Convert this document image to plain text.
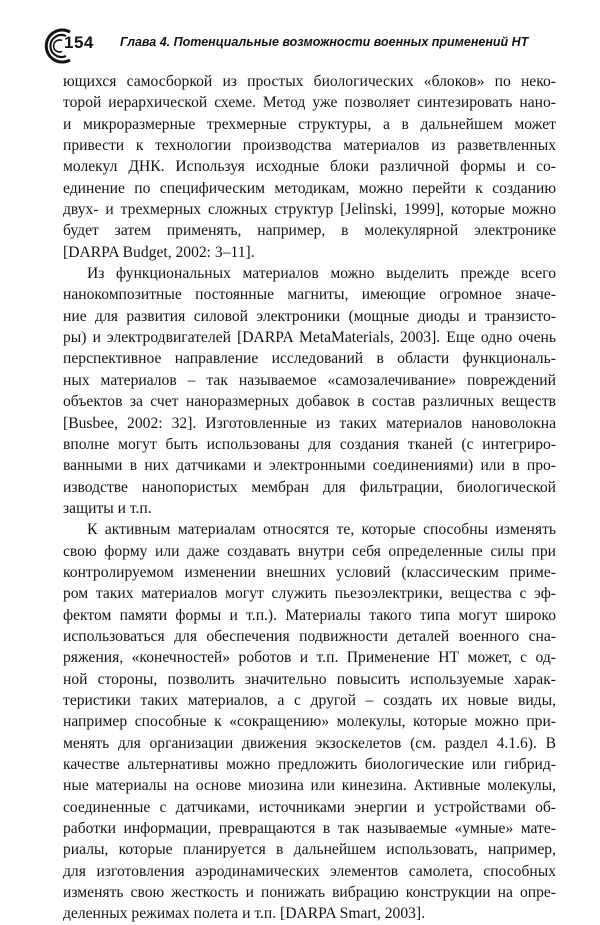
154 Глава 4. Потенциальные возможности военных применений НТ
ющихся самосборкой из простых биологических «блоков» по неко-
торой иерархической схеме. Метод уже позволяет синтезировать нано-
и микроразмерные трехмерные структуры, а в дальнейшем может
привести к технологии производства материалов из разветвленных
молекул ДНК. Используя исходные блоки различной формы и со-
единение по специфическим методикам, можно перейти к созданию
двух- и трехмерных сложных структур [Jelinski, 1999], которые можно
будет затем применять, например, в молекулярной электронике
[DARPA Budget, 2002: 3–11].
Из функциональных материалов можно выделить прежде всего
нанокомпозитные постоянные магниты, имеющие огромное значе-
ние для развития силовой электроники (мощные диоды и транзисто-
ры) и электродвигателей [DARPA MetaMaterials, 2003]. Еще одно очень
перспективное направление исследований в области функциональ-
ных материалов – так называемое «самозалечивание» повреждений
объектов за счет наноразмерных добавок в состав различных веществ
[Busbee, 2002: 32]. Изготовленные из таких материалов нановолокна
вполне могут быть использованы для создания тканей (с интегриро-
ванными в них датчиками и электронными соединениями) или в про-
изводстве нанопористых мембран для фильтрации, биологической
защиты и т.п.
К активным материалам относятся те, которые способны изменять
свою форму или даже создавать внутри себя определенные силы при
контролируемом изменении внешних условий (классическим приме-
ром таких материалов могут служить пьезоэлектрики, вещества с эф-
фектом памяти формы и т.п.). Материалы такого типа могут широко
использоваться для обеспечения подвижности деталей военного сна-
ряжения, «конечностей» роботов и т.п. Применение НТ может, с од-
ной стороны, позволить значительно повысить используемые харак-
теристики таких материалов, а с другой – создать их новые виды,
например способные к «сокращению» молекулы, которые можно при-
менять для организации движения экзоскелетов (см. раздел 4.1.6). В
качестве альтернативы можно предложить биологические или гибрид-
ные материалы на основе миозина или кинезина. Активные молекулы,
соединенные с датчиками, источниками энергии и устройствами об-
работки информации, превращаются в так называемые «умные» мате-
риалы, которые планируется в дальнейшем использовать, например,
для изготовления аэродинамических элементов самолета, способных
изменять свою жесткость и понижать вибрацию конструкции на опре-
деленных режимах полета и т.п. [DARPA Smart, 2003].
